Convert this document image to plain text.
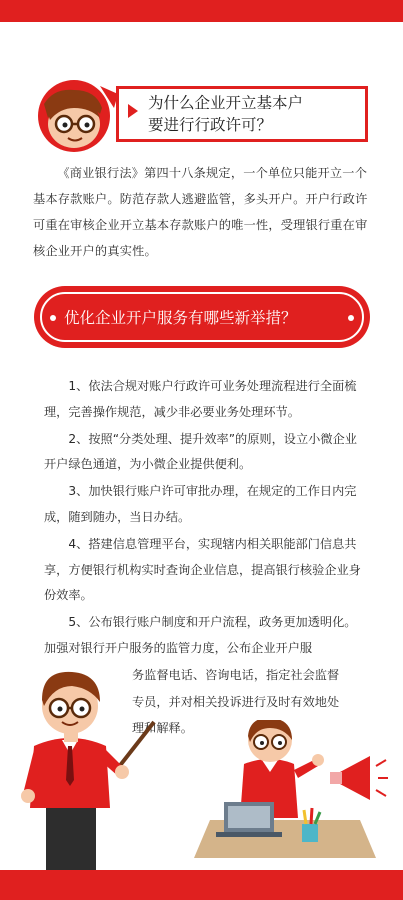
为什么企业开立基本户
要进行行政许可？
《商业银行法》第四十八条规定，一个单位只能开立一个基本存款账户。防范存款人逃避监管，多头开户。开户行政许可重在审核企业开立基本存款账户的唯一性，受理银行重在审核企业开户的真实性。
优化企业开户服务有哪些新举措？

1、依法合规对账户行政许可业务处理流程进行全面梳理，完善操作规范，减少非必要业务处理环节。

2、按照“分类处理、提升效率”的原则，设立小微企业开户绿色通道，为小微企业提供便利。

3、加快银行账户许可审批办理，在规定的工作日内完成，随到随办，当日办结。

4、搭建信息管理平台，实现辖内相关职能部门信息共享，方便银行机构实时查询企业信息，提高银行核验企业身份效率。

5、公布银行账户制度和开户流程，政务更加透明化。加强对银行开户服务的监管力度，公布企业开户服

务监督电话、咨询电话，指定社会监督

专员，并对相关投诉进行及时有效地处

理和解释。
